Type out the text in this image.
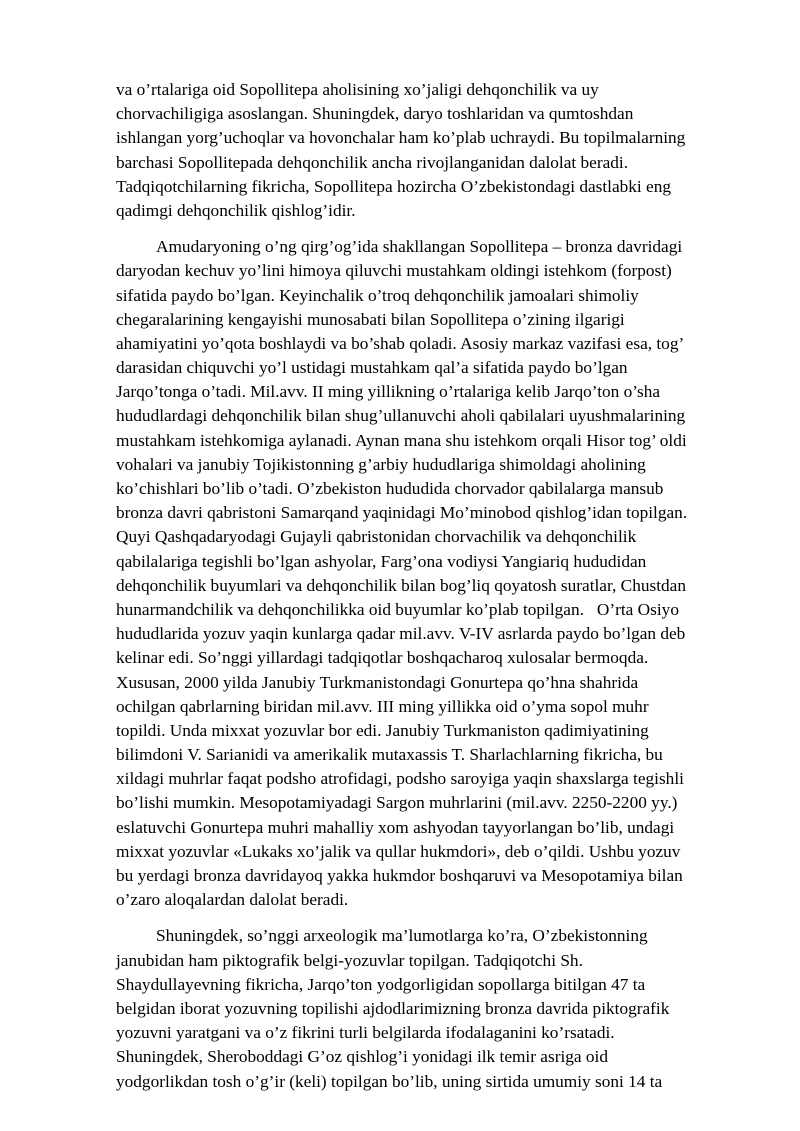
va o’rtalariga oid Sopollitepa aholisining xo’jaligi dehqonchilik va uy
chorvachiligiga asoslangan. Shuningdek, daryo toshlaridan va qumtoshdan
ishlangan yorg’uchoqlar va hovonchalar ham ko’plab uchraydi. Bu topilmalarning
barchasi Sopollitepada dehqonchilik ancha rivojlanganidan dalolat beradi.
Tadqiqotchilarning fikricha, Sopollitepa hozircha O’zbekistondagi dastlabki eng
qadimgi dehqonchilik qishlog’idir.
Amudaryoning o’ng qirg’og’ida shakllangan Sopollitepa – bronza davridagi
daryodan kechuv yo’lini himoya qiluvchi mustahkam oldingi istehkom (forpost)
sifatida paydo bo’lgan. Keyinchalik o’troq dehqonchilik jamoalari shimoliy
chegaralarining kengayishi munosabati bilan Sopollitepa o’zining ilgarigi
ahamiyatini yo’qota boshlaydi va bo’shab qoladi. Asosiy markaz vazifasi esa, tog’
darasidan chiquvchi yo’l ustidagi mustahkam qal’a sifatida paydo bo’lgan
Jarqo’tonga o’tadi. Mil.avv. II ming yillikning o’rtalariga kelib Jarqo’ton o’sha
hududlardagi dehqonchilik bilan shug’ullanuvchi aholi qabilalari uyushmalarining
mustahkam istehkomiga aylanadi. Aynan mana shu istehkom orqali Hisor tog’ oldi
vohalari va janubiy Tojikistonning g’arbiy hududlariga shimoldagi aholining
ko’chishlari bo’lib o’tadi. O’zbekiston hududida chorvador qabilalarga mansub
bronza davri qabristoni Samarqand yaqinidagi Mo’minobod qishlog’idan topilgan.
Quyi Qashqadaryodagi Gujayli qabristonidan chorvachilik va dehqonchilik
qabilalariga tegishli bo’lgan ashyolar, Farg’ona vodiysi Yangiariq hududidan
dehqonchilik buyumlari va dehqonchilik bilan bog’liq qoyatosh suratlar, Chustdan
hunarmandchilik va dehqonchilikka oid buyumlar ko’plab topilgan.   O’rta Osiyo
hududlarida yozuv yaqin kunlarga qadar mil.avv. V-IV asrlarda paydo bo’lgan deb
kelinar edi. So’nggi yillardagi tadqiqotlar boshqacharoq xulosalar bermoqda.
Xususan, 2000 yilda Janubiy Turkmanistondagi Gonurtepa qo’hna shahrida
ochilgan qabrlarning biridan mil.avv. III ming yillikka oid o’yma sopol muhr
topildi. Unda mixxat yozuvlar bor edi. Janubiy Turkmaniston qadimiyatining
bilimdoni V. Sarianidi va amerikalik mutaxassis T. Sharlachlarning fikricha, bu
xildagi muhrlar faqat podsho atrofidagi, podsho saroyiga yaqin shaxslarga tegishli
bo’lishi mumkin. Mesopotamiyadagi Sargon muhrlarini (mil.avv. 2250-2200 yy.)
eslatuvchi Gonurtepa muhri mahalliy xom ashyodan tayyorlangan bo’lib, undagi
mixxat yozuvlar «Lukaks xo’jalik va qullar hukmdori», deb o’qildi. Ushbu yozuv
bu yerdagi bronza davridayoq yakka hukmdor boshqaruvi va Mesopotamiya bilan
o’zaro aloqalardan dalolat beradi.
Shuningdek, so’nggi arxeologik ma’lumotlarga ko’ra, O’zbekistonning
janubidan ham piktografik belgi-yozuvlar topilgan. Tadqiqotchi Sh.
Shaydullayevning fikricha, Jarqo’ton yodgorligidan sopollarga bitilgan 47 ta
belgidan iborat yozuvning topilishi ajdodlarimizning bronza davrida piktografik
yozuvni yaratgani va o’z fikrini turli belgilarda ifodalaganini ko’rsatadi.
Shuningdek, Sheroboddagi G’oz qishlog’i yonidagi ilk temir asriga oid
yodgorlikdan tosh o’g’ir (keli) topilgan bo’lib, uning sirtida umumiy soni 14 ta
